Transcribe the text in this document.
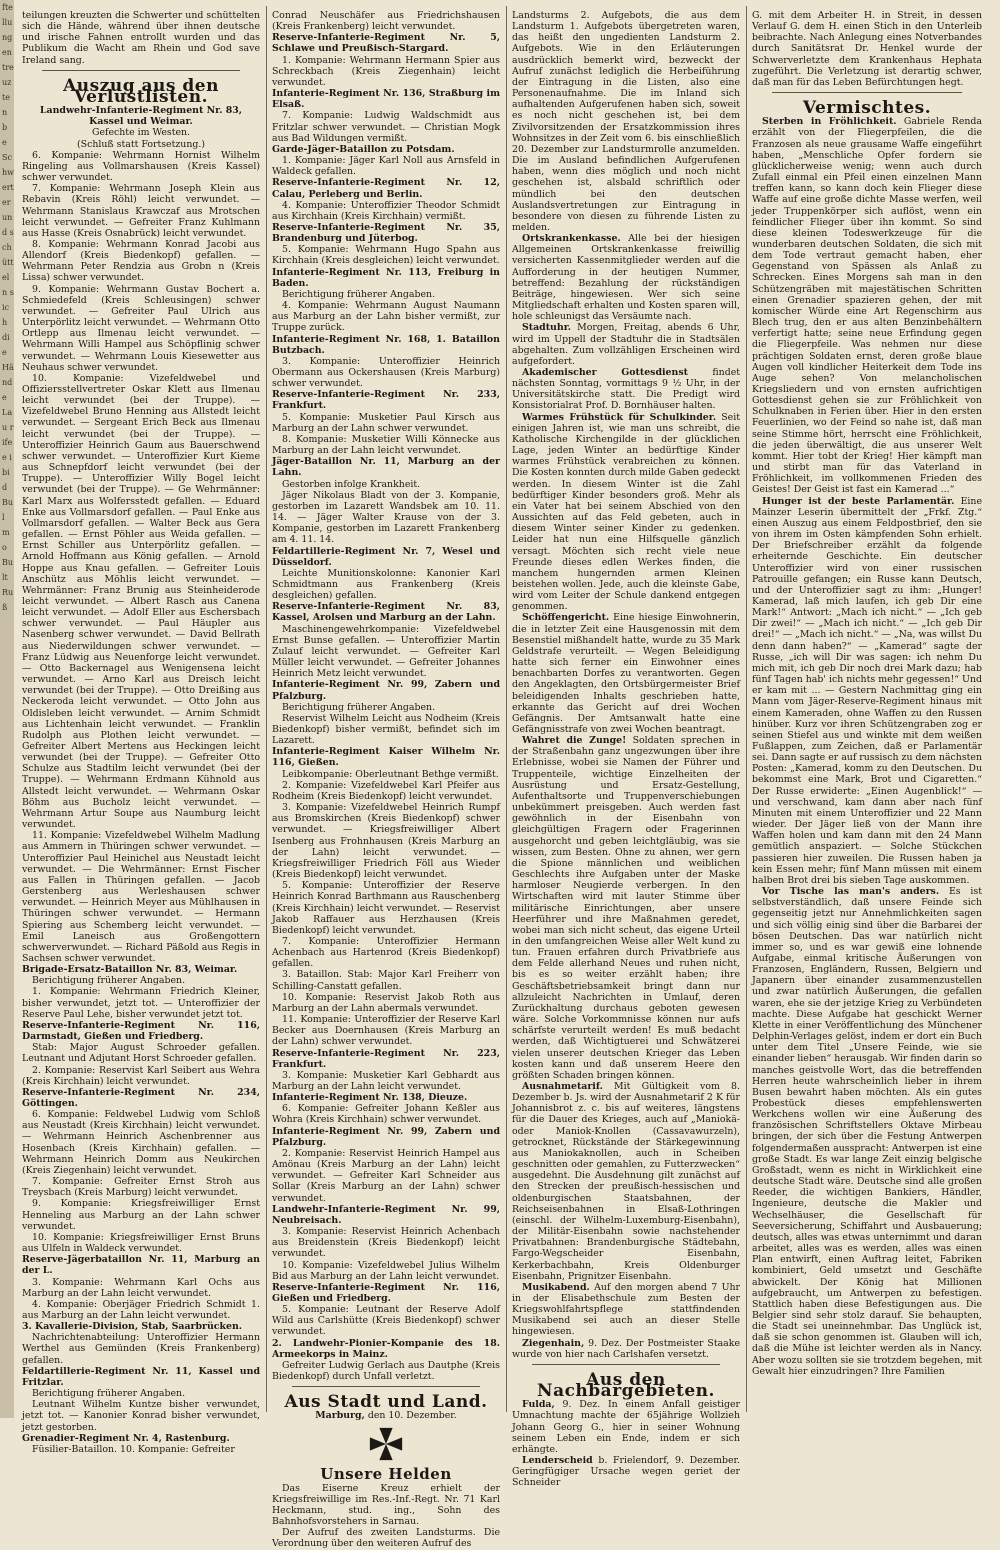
ftellungen treuzten b e Schwerter und schütteln sich die Hände Lau rifee ibid Bul mo Bult Ruß

teilungen kreuzten die Schwerter und schüttelten sich die Hände, während über ihnen deutsche und irische Fahnen entrollt wurden und das Publikum die Wacht am Rhein und God save Ireland sang.

Auszug aus den Verlustlisten.

Landwehr-Infanterie-Regiment Nr. 83, Kassel und Weimar.

Gefechte im Westen.

(Schluß statt Fortsetzung.)

6. Kompanie: Wehrmann Hornist Wilhelm Ringeling aus Vollmarshausen (Kreis Kassel) schwer verwundet.

7. Kompanie: Wehrmann Joseph Klein aus Rebavin (Kreis Röhl) leicht verwundet. — Wehrmann Stanislaus Krawczaf aus Mrotschen leicht verwundet. — Gefreiter Franz Kuhlmann aus Hasse (Kreis Osnabrück) leicht verwundet.

8. Kompanie: Wehrmann Konrad Jacobi aus Allendorf (Kreis Biedenkopf) gefallen. — Wehrmann Peter Rendzia aus Grobn n (Kreis Lissa) schwer verwundet.

9. Kompanie: Wehrmann Gustav Bochert a. Schmiedefeld (Kreis Schleusingen) schwer verwundet. — Gefreiter Paul Ulrich aus Unterpörlitz leicht verwundet. — Wehrmann Otto Ortlepp aus Ilmenau leicht verwundet. — Wehrmann Willi Hampel aus Schöpflinig schwer verwundet. — Wehrmann Louis Kiesewetter aus Neuhaus schwer verwundet.

10. Kompanie: Vizefeldwebel und Offiziersstellvertreter Oskar Klett aus Ilmenau leicht verwundet (bei der Truppe). — Vizefeldwebel Bruno Henning aus Allstedt leicht verwundet. — Sergeant Erich Beck aus Ilmenau leicht verwundet (bei der Truppe). — Unteroffizier Heinrich Gaum aus Bauerschwend schwer verwundet. — Unteroffizier Kurt Kieme aus Schnepfdorf leicht verwundet (bei der Truppe). — Unteroffizier Willy Bogel leicht verwundet (bei der Truppe). — Ge Wehrmänner: Karl Marx aus Wolfersstedt gefallen. — Eduard Enke aus Vollmarsdorf gefallen. — Paul Enke aus Vollmarsdorf gefallen. — Walter Beck aus Gera gefallen. — Ernst Pöhler aus Weida gefallen. — Ernst Schiller aus Unterpörlitz gefallen. — Arnold Hoffmann aus König gefallen. — Arnold Hoppe aus Knau gefallen. — Gefreiter Louis Anschütz aus Möhlis leicht verwundet. — Wehrmänner: Franz Brunig aus Steinheiderode leicht verwundet. — Albert Rasch aus Canena leicht verwundet. — Adolf Eller aus Eschersbach schwer verwundet. — Paul Häupler aus Nasenberg schwer verwundet. — David Bellrath aus Niederwildungen schwer verwundet. — Franz Lüdwig aus Neuenforge leicht verwundet. — Otto Backernagel aus Wenigensena leicht verwundet. — Arno Karl aus Dreisch leicht verwundet (bei der Truppe). — Otto Dreißing aus Neckeroda leicht verwundet. — Otto John aus Oldisleben leicht verwundet. — Arnim Schmidt aus Lichtenhain leicht verwundet. — Franklin Rudolph aus Plothen leicht verwundet. — Gefreiter Albert Mertens aus Heckingen leicht verwundet (bei der Truppe). — Gefreiter Otto Schulze aus Stadtilm leicht verwundet (bei der Truppe). — Wehrmann Erdmann Kühnold aus Allstedt leicht verwundet. — Wehrmann Oskar Böhm aus Bucholz leicht verwundet. — Wehrmann Artur Soupe aus Naumburg leicht verwundet.

11. Kompanie: Vizefeldwebel Wilhelm Madlung aus Ammern in Thüringen schwer verwundet. — Unteroffizier Paul Heinichel aus Neustadt leicht verwundet. — Die Wehrmänner: Ernst Fischer aus Fallen in Thüringen gefallen. — Jacob Gerstenberg aus Werleshausen schwer verwundet. — Heinrich Meyer aus Mühlhausen in Thüringen schwer verwundet. — Hermann Spiering aus Schemberg leicht verwundet. — Emil Laneisch aus Großengottern schwerverwundet. — Richard Päßold aus Regis in Sachsen schwer verwundet.

Brigade-Ersatz-Bataillon Nr. 83, Weimar.

Berichtigung früherer Angaben.

1. Kompanie: Wehrmann Friedrich Kleiner, bisher verwundet, jetzt tot. — Unteroffizier der Reserve Paul Lehe, bisher verwundet jetzt tot.

Reserve-Infanterie-Regiment Nr. 116, Darmstadt, Gießen und Friedberg.

Stab: Major August Schroeder gefallen. Leutnant und Adjutant Horst Schroeder gefallen.

2. Kompanie: Reservist Karl Seibert aus Wehra (Kreis Kirchhain) leicht verwundet.

Reserve-Infanterie-Regiment Nr. 234, Göttingen.

6. Kompanie: Feldwebel Ludwig vom Schloß aus Neustadt (Kreis Kirchhain) leicht verwundet. — Wehrmann Heinrich Aschenbrenner aus Hosenbach (Kreis Kirchhain) gefallen. — Wehrmann Heinrich Domm aus Neukirchen (Kreis Ziegenhain) leicht verwundet.

7. Kompanie: Gefreiter Ernst Stroh aus Treysbach (Kreis Marburg) leicht verwundet.

9. Kompanie: Kriegsfreiwilliger Ernst Henneling aus Marburg an der Lahn schwer verwundet.

10. Kompanie: Kriegsfreiwilliger Ernst Bruns aus Ulfeln in Waldeck verwundet.

Reserve-Jägerbataillon Nr. 11, Marburg an der L.

3. Kompanie: Wehrmann Karl Ochs aus Marburg an der Lahn leicht verwundet.

4. Kompanie: Oberjäger Friedrich Schmidt 1. aus Marburg an der Lahn leicht verwundet.

3. Kavallerie-Division, Stab, Saarbrücken.

Nachrichtenabteilung: Unteroffizier Hermann Werthel aus Gemünden (Kreis Frankenberg) gefallen.

Feldartillerie-Regiment Nr. 11, Kassel und Fritzlar.

Berichtigung früherer Angaben.

Leutnant Wilhelm Kuntze bisher verwundet, jetzt tot. — Kanonier Konrad bisher verwundet, jetzt gestorben.

Grenadier-Regiment Nr. 4, Rastenburg.

Füsilier-Bataillon. 10. Kompanie: Gefreiter

Conrad Neuschäfer aus Friedrichshausen (Kreis Frankenberg) leicht verwundet.

Reserve-Infanterie-Regiment Nr. 5, Schlawe und Preußisch-Stargard.

1. Kompanie: Wehrmann Hermann Spier aus Schreckbach (Kreis Ziegenhain) leicht verwundet.

Infanterie-Regiment Nr. 136, Straßburg im Elsaß.

7. Kompanie: Ludwig Waldschmidt aus Fritzlar schwer verwundet. — Christian Mogk aus Bad Wildungen vermißt.

Garde-Jäger-Bataillon zu Potsdam.

1. Kompanie: Jäger Karl Noll aus Arnsfeld in Waldeck gefallen.

Reserve-Infanterie-Regiment Nr. 12, Calau, Perleberg und Berlin.

4. Kompanie: Unteroffizier Theodor Schmidt aus Kirchhain (Kreis Kirchhain) vermißt.

Reserve-Infanterie-Regiment Nr. 35, Brandenburg und Jüterbog.

5. Kompanie: Wehrmann Hugo Spahn aus Kirchhain (Kreis desgleichen) leicht verwundet.

Infanterie-Regiment Nr. 113, Freiburg in Baden.

Berichtigung früherer Angaben.

4. Kompanie: Wehrmann August Naumann aus Marburg an der Lahn bisher vermißt, zur Truppe zurück.

Infanterie-Regiment Nr. 168, 1. Bataillon Butzbach.

3. Kompanie: Unteroffizier Heinrich Obermann aus Ockershausen (Kreis Marburg) schwer verwundet.

Reserve-Infanterie-Regiment Nr. 233, Frankfurt.

5. Kompanie: Musketier Paul Kirsch aus Marburg an der Lahn schwer verwundet.

8. Kompanie: Musketier Willi Könnecke aus Marburg an der Lahn leicht verwundet.

Jäger-Bataillon Nr. 11, Marburg an der Lahn.

Gestorben infolge Krankheit.

Jäger Nikolaus Bladt von der 3. Kompanie, gestorben im Lazarett Wandsbek am 10. 11. 14. — Jäger Walter Krause von der 3. Kompanie, gestorben im Lazarett Frankenberg am 4. 11. 14.

Feldartillerie-Regiment Nr. 7, Wesel und Düsseldorf.

Leichte Munitionskolonne: Kanonier Karl Schmidtmann aus Frankenberg (Kreis desgleichen) gefallen.

Reserve-Infanterie-Regiment Nr. 83, Kassel, Arolsen und Marburg an der Lahn.

Maschinengewehrkompanie: Vizefeldwebel Ernst Bunse gefallen. — Unteroffizier Martin Zulauf leicht verwundet. — Gefreiter Karl Müller leicht verwundet. — Gefreiter Johannes Heinrich Metz leicht verwundet.

Infanterie-Regiment Nr. 99, Zabern und Pfalzburg.

Berichtigung früherer Angaben.

Reservist Wilhelm Leicht aus Nodheim (Kreis Biedenkopf) bisher vermißt, befindet sich im Lazarett.

Infanterie-Regiment Kaiser Wilhelm Nr. 116, Gießen.

Leibkompanie: Oberleutnant Bethge vermißt.

2. Kompanie: Vizefeldwebel Karl Pfeifer aus Rodheim (Kreis Biedenkopf) leicht verwundet.

3. Kompanie: Vizefeldwebel Heinrich Rumpf aus Bromskirchen (Kreis Biedenkopf) schwer verwundet. — Kriegsfreiwilliger Albert Isenberg aus Frohnhausen (Kreis Marburg an der Lahn) leicht verwundet. — Kriegsfreiwilliger Friedrich Föll aus Wieder (Kreis Biedenkopf) leicht verwundet.

5. Kompanie: Unteroffizier der Reserve Heinrich Konrad Barthmann aus Rauschenberg (Kreis Kirchhain) leicht verwundet. — Reservist Jakob Raffauer aus Herzhausen (Kreis Biedenkopf) leicht verwundet.

7. Kompanie: Unteroffizier Hermann Achenbach aus Hartenrod (Kreis Biedenkopf) gefallen.

3. Bataillon. Stab: Major Karl Freiherr von Schilling-Canstatt gefallen.

10. Kompanie: Reservist Jakob Roth aus Marburg an der Lahn abermals verwundet.

11. Kompanie: Unteroffizier der Reserve Karl Becker aus Doernhausen (Kreis Marburg an der Lahn) schwer verwundet.

Reserve-Infanterie-Regiment Nr. 223, Frankfurt.

3. Kompanie: Musketier Karl Gebhardt aus Marburg an der Lahn leicht verwundet.

Infanterie-Regiment Nr. 138, Dieuze.

6. Kompanie: Gefreiter Johann Keßler aus Wohra (Kreis Kirchhain) schwer verwundet.

Infanterie-Regiment Nr. 99, Zabern und Pfalzburg.

2. Kompanie: Reservist Heinrich Hampel aus Amönau (Kreis Marburg an der Lahn) leicht verwundet. — Gefreiter Karl Schneider aus Sollar (Kreis Marburg an der Lahn) schwer verwundet.

Landwehr-Infanterie-Regiment Nr. 99, Neubreisach.

3. Kompanie: Reservist Heinrich Achenbach aus Breidenstein (Kreis Biedenkopf) leicht verwundet.

10. Kompanie: Vizefeldwebel Julius Wilhelm Bid aus Marburg an der Lahn leicht verwundet.

Reserve-Infanterie-Regiment Nr. 116, Gießen und Friedberg.

5. Kompanie: Leutnant der Reserve Adolf Wild aus Carlshütte (Kreis Biedenkopf) schwer verwundet.

2. Landwehr-Pionier-Kompanie des 18. Armeekorps in Mainz.

Gefreiter Ludwig Gerlach aus Dautphe (Kreis Biedenkopf) durch Unfall verletzt.

Aus Stadt und Land.

Marburg, den 10. Dezember.

Unsere Helden

Das Eiserne Kreuz erhielt der Kriegsfreiwillige im Res.-Inf.-Regt. Nr. 71 Karl Heckmann, stud. ing., Sohn des Bahnhofsvorstehers in Sarnau.

Der Aufruf des zweiten Landsturms. Die Verordnung über den weiteren Aufruf des

Landsturms 2. Aufgebots, die aus dem Landsturm 1. Aufgebots übergetreten waren, das heißt den ungedienten Landsturm 2. Aufgebots. Wie in den Erläuterungen ausdrücklich bemerkt wird, bezweckt der Aufruf zunächst lediglich die Herbeiführung der Eintragung in die Listen, also eine Personenaufnahme. Die im Inland sich aufhaltenden Aufgerufenen haben sich, soweit es noch nicht geschehen ist, bei dem Zivilvorsitzenden der Ersatzkommission ihres Wohnsitzes in der Zeit vom 6. bis einschließlich 20. Dezember zur Landsturmrolle anzumelden. Die im Ausland befindlichen Aufgerufenen haben, wenn dies möglich und noch nicht geschehen ist, alsbald schriftlich oder mündlich bei den deutschen Auslandsvertretungen zur Eintragung in besondere von diesen zu führende Listen zu melden.

Ortskrankenkasse. Alle bei der hiesigen Allgemeinen Ortskrankenkasse freiwillig versicherten Kassenmitglieder werden auf die Aufforderung in der heutigen Nummer, betreffend: Bezahlung der rückständigen Beiträge, hingewiesen. Wer sich seine Mitgliedschaft erhalten und Kosten sparen will, hole schleunigst das Versäumte nach.

Stadtuhr. Morgen, Freitag, abends 6 Uhr, wird im Uppell der Stadtuhr die in Stadtsälen abgehalten. Zum vollzähligen Erscheinen wird aufgefordert.

Akademischer Gottesdienst	findet nächsten Sonntag, vormittags 9 ½ Uhr, in der Universitätskirche statt. Die Predigt wird Konsistorialrat Prof. D. Bornhäuser halten.

Warmes Frühstück für Schulkinder. Seit einigen Jahren ist, wie man uns schreibt, die Katholische Kirchengilde in der glücklichen Lage, jeden Winter an bedürftige Kinder warmes Frühstück verabreichen zu können. Die Kosten konnten durch milde Gaben gedeckt werden. In diesem Winter ist die Zahl bedürftiger Kinder besonders groß. Mehr als ein Vater hat bei seinem Abschied von den Aussichten auf das Feld gebeten, auch in diesem Winter seiner Kinder zu gedenken. Leider hat nun eine Hilfsquelle gänzlich versagt. Möchten sich recht viele neue Freunde dieses edlen Werkes finden, die manchem hungernden armen Kleinen beistehen wollen. Jede, auch die kleinste Gabe, wird vom Leiter der Schule dankend entgegen genommen.

Schöffengericht. Eine hiesige Einwohnerin, die in letzter Zeit eine Hausgenossin mit dem Besenstiel mißhandelt hatte, wurde zu 35 Mark Geldstrafe verurteilt. — Wegen Beleidigung hatte sich ferner ein Einwohner eines benachbarten Dorfes zu verantworten. Gegen den Angeklagten, den Ortsbürgermeister Brief beleidigenden Inhalts geschrieben hatte, erkannte das Gericht auf drei Wochen Gefängnis. Der Amtsanwalt hatte eine Gefängnisstrafe von zwei Wochen beantragt.

Wahret die Zunge! Soldaten sprechen in der Straßenbahn ganz ungezwungen über ihre Erlebnisse, wobei sie Namen der Führer und Truppenteile, wichtige Einzelheiten der Ausrüstung und Ersatz-Gestellung, Aufenthaltsorte und Truppenverschiebungen unbekümmert preisgeben. Auch werden fast gewöhnlich in der Eisenbahn von gleichgültigen Fragern oder Fragerinnen ausgehorcht und geben leichtgläubig, was sie wissen, zum Besten. Ohne zu ahnen, wer gern die Spione männlichen und weiblichen Geschlechts ihre Aufgaben unter der Maske harmloser Neugierde verbergen. In den Wirtschaften wird mit lauter Stimme über militärische Einrichtungen, aber unsere Heerführer und ihre Maßnahmen geredet, wobei man sich nicht scheut, das eigene Urteil in den umfangreichen Weise aller Welt kund zu tun. Frauen erfahren durch Privatbriefe aus dem Felde allerhand Neues und ruhen nicht, bis es so weiter erzählt haben; ihre Geschäftsbetriebsamkeit bringt dann nur allzuleicht Nachrichten in Umlauf, deren Zurückhaltung durchaus geboten gewesen wäre. Solche Vorkommnisse können nur aufs schärfste verurteilt werden! Es muß bedacht werden, daß Wichtigtuerei und Schwätzerei vielen unserer deutschen Krieger das Leben kosten kann und daß unserem Heere den größten Schaden bringen können.

Ausnahmetarif. Mit Gültigkeit vom 8. Dezember b. Js. wird der Ausnahmetarif 2 K für Johannisbrot z. c. bis auf weiteres, längstens für die Dauer des Krieges, auch auf „Maniokä- oder Maniok-Knollen (Cassavawurzeln), getrocknet, Rückstände der Stärkegewinnung aus Maniokaknollen, auch in Scheiben geschnitten oder gemahlen, zu Futterzwecken“ ausgedehnt. Die Ausdehnung gilt zunächst auf den Strecken der preußisch-hessischen und oldenburgischen Staatsbahnen, der Reichseisenbahnen in Elsaß-Lothringen (einschl. der Wilhelm-Luxemburg-Eisenbahn), der Militär-Eisenbahn sowie nachstehender Privatbahnen: Brandenburgische Städtebahn, Fargo-Wegscheider Eisenbahn, Kerkerbachbahn, Kreis Oldenburger Eisenbahn, Prignitzer Eisenbahn.

Musikabend. Auf den morgen abend 7 Uhr in der Elisabethschule zum Besten der Kriegswohlfahrtspflege stattfindenden Musikabend sei auch an dieser Stelle hingewiesen.

Ziegenhain, 9. Dez. Der Postmeister Staake wurde von hier nach Carlshafen versetzt.

Aus den Nachbargebieten.

Fulda, 9. Dez. In einem Anfall geistiger Umnachtung machte der 65jährige Wollzieh Johann Georg G., hier in seiner Wohnung seinem Leben ein Ende, indem er sich erhängte.

Lenderscheid b. Frielendorf, 9. Dezember. Geringfügiger Ursache wegen geriet der Schneider

G. mit dem Arbeiter H. in Streit, in dessen Verlauf G. dem H. einen Stich in den Unterleib beibrachte. Nach Anlegung eines Notverbandes durch Sanitätsrat Dr. Henkel wurde der Schwerverletzte dem Krankenhaus Hephata zugeführt. Die Verletzung ist derartig schwer, daß man für das Leben Befürchtungen hegt.

Vermischtes.

Sterben in Fröhlichkeit. Gabriele Renda erzählt von der Fliegerpfeilen, die die Franzosen als neue grausame Waffe eingeführt haben, „Menschliche Opfer fordern sie glücklicherweise wenig; wenn auch durch Zufall einmal ein Pfeil einen einzelnen Mann treffen kann, so kann doch kein Flieger diese Waffe auf eine große dichte Masse werfen, weil jeder Truppenkörper sich auflöst, wenn ein feindlicher Flieger über ihn kommt. So sind diese kleinen Todeswerkzeuge für die wunderbaren deutschen Soldaten, die sich mit dem Tode vertraut gemacht haben, eher Gegenstand von Spässen als Anlaß zu Schrecken. Eines Morgens sah man in den Schützengräben mit majestätischen Schritten einen Grenadier spazieren gehen, der mit komischer Würde eine Art Regenschirm aus Blech trug, den er aus alten Benzinbehältern verfertigt hatte; seine neue Erfindung gegen die Fliegerpfeile. Was nehmen nur diese prächtigen Soldaten ernst, deren große blaue Augen voll kindlicher Heiterkeit dem Tode ins Auge sehen? Von melancholischen Kriegsliedern und von ernsten aufrichtigen Gottesdienst gehen sie zur Fröhlichkeit von Schulknaben in Ferien über. Hier in den ersten Feuerlinien, wo der Feind so nahe ist, daß man seine Stimme hört, herrscht eine Fröhlichkeit, die jeden überwältigt, die aus unserer Welt kommt. Hier tobt der Krieg! Hier kämpft man und stirbt man für das Vaterland in Fröhlichkeit, im vollkommenen Frieden des Geistes! Der Geist ist fast ein Kamerad ...“

Hunger ist der beste Parlamentär. Eine Mainzer Leserin übermittelt der „Frkf. Ztg.“ einen Auszug aus einem Feldpostbrief, den sie von ihrem im Osten kämpfenden Sohn erhielt. Der Briefschreiber erzählt da folgende erheiternde Geschichte. Ein deutscher Unteroffizier wird von einer russischen Patrouille gefangen; ein Russe kann Deutsch, und der Unteroffizier sagt zu ihm: „Hunger! Kamerad, laß mich laufen, ich geb Dir eine Mark!“ Antwort: „Mach ich nicht.“ — „Ich geb Dir zwei!“ — „Mach ich nicht.“ — „Ich geb Dir drei!“ — „Mach ich nicht.“ — „Na, was willst Du denn dann haben?“ — „Kamerad“ sagte der Russe, „ich will Dir was sagen: ich nehm Du mich mit, ich geb Dir noch drei Mark dazu; hab fünf Tagen hab' ich nichts mehr gegessen!“ Und er kam mit ... — Gestern Nachmittag ging ein Mann vom Jäger-Reserve-Regiment hinaus mit einem Kameraden, ohne Waffen zu den Russen hinüber. Kurz vor ihren Schützengraben zog er seinen Stiefel aus und winkte mit dem weißen Fußlappen, zum Zeichen, daß er Parlamentär sei. Dann sagte er auf russisch zu dem nächsten Posten: „Kamerad, komm zu den Deutschen. Du bekommst eine Mark, Brot und Cigaretten.“ Der Russe erwiderte: „Einen Augenblick!“ — und verschwand, kam dann aber nach fünf Minuten mit einem Unteroffizier und 22 Mann wieder. Der Jäger ließ von der Mann ihre Waffen holen und kam dann mit den 24 Mann gemütlich anspaziert. — Solche Stückchen passieren hier zuweilen. Die Russen haben ja kein Essen mehr; fünf Mann müssen mit einem halben Brot drei bis sieben Tage auskommen.

Vor Tische las man's anders. Es ist selbstverständlich, daß unsere Feinde sich gegenseitig jetzt nur Annehmlichkeiten sagen und sich völlig einig sind über die Barbarei der bösen Deutschen. Das war natürlich nicht immer so, und es war gewiß eine lohnende Aufgabe, einmal kritische Äußerungen von Franzosen, Engländern, Russen, Belgiern und Japanern über einander zusammenzustellen und zwar natürlich Äußerungen, die gefallen waren, ehe sie der jetzige Krieg zu Verbündeten machte. Diese Aufgabe hat geschickt Werner Klette in einer Veröffentlichung des Münchener Delphin-Verlages gelöst, indem er dort ein Buch unter dem Titel „Unsere Feinde, wie sie einander lieben“ herausgab. Wir finden darin so manches geistvolle Wort, das die betreffenden Herren heute wahrscheinlich lieber in ihrem Busen bewahrt haben möchten. Als ein gutes Probestück dieses empfehlenswerten Werkchens wollen wir eine Äußerung des französischen Schriftstellers Oktave Mirbeau bringen, der sich über die Festung Antwerpen folgendermaßen ausspracht: Antwerpen ist eine große Stadt. Es war lange Zeit einzig belgische Großstadt, wenn es nicht in Wirklichkeit eine deutsche Stadt wäre. Deutsche sind alle großen Reeder, die wichtigen Bankiers, Händler, Ingenieure, deutsche die Makler und Wechselhäuser, die Gesellschaft für Seeversicherung, Schiffahrt und Ausbauerung; deutsch, alles was etwas unternimmt und daran arbeitet, alles was es werden, alles was einen Plan entwirft, einen Auftrag leitet, Fabriken kombiniert, Geld umsetzt und Geschäfte abwickelt. Der König hat Millionen aufgebraucht, um Antwerpen zu befestigen. Stattlich haben diese Befestigungen aus. Die Belgier sind sehr stolz darauf. Sie behaupten, die Stadt sei uneinnehmbar. Das Unglück ist, daß sie schon genommen ist. Glauben will ich, daß die Mühe ist leichter werden als in Nancy. Aber wozu sollten sie sie trotzdem begehen, mit Gewalt hier einzudringen? Ihre Familien
